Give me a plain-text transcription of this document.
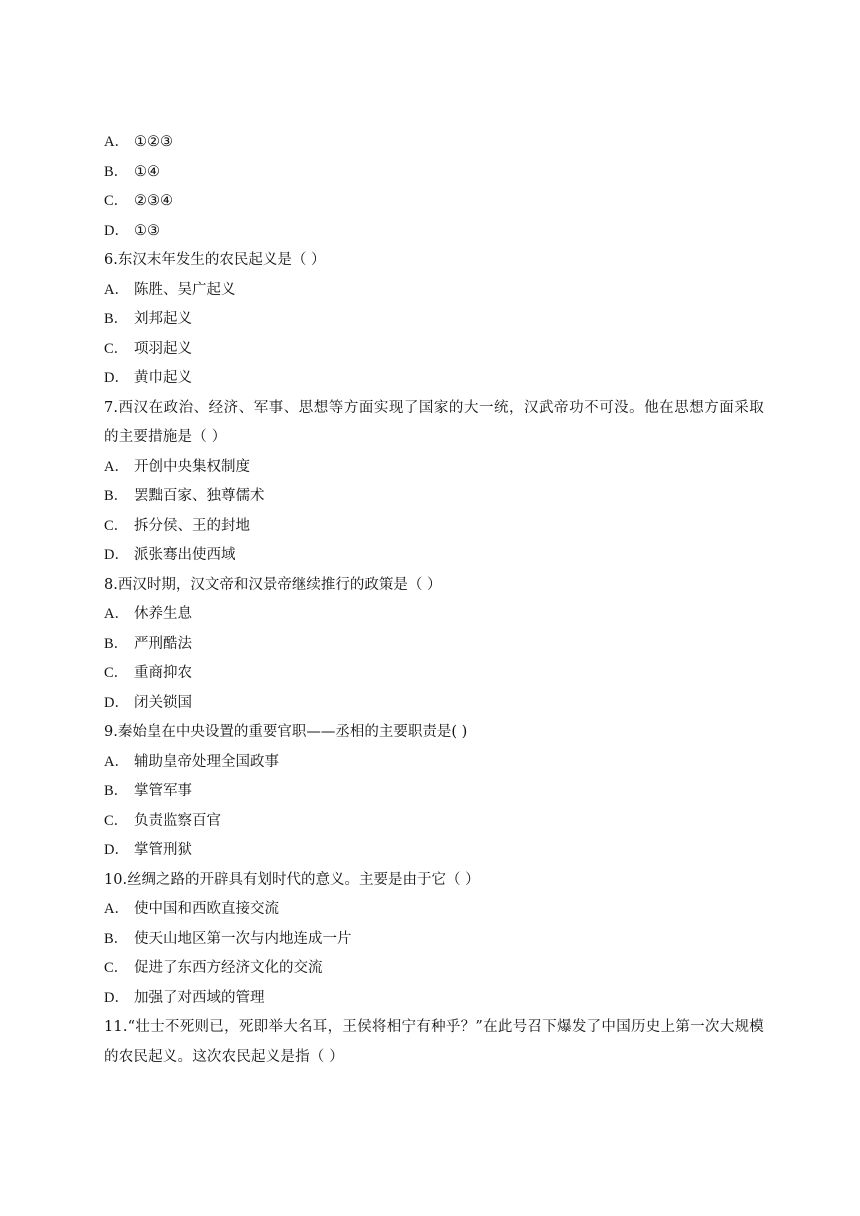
A． ①②③
B． ①④
C． ②③④
D． ①③
6.东汉末年发生的农民起义是（ ）
A． 陈胜、吴广起义
B． 刘邦起义
C． 项羽起义
D． 黄巾起义
7.西汉在政治、经济、军事、思想等方面实现了国家的大一统，汉武帝功不可没。他在思想方面采取的主要措施是（ ）
A． 开创中央集权制度
B． 罢黜百家、独尊儒术
C． 拆分侯、王的封地
D． 派张骞出使西域
8.西汉时期，汉文帝和汉景帝继续推行的政策是（ ）
A． 休养生息
B． 严刑酷法
C． 重商抑农
D． 闭关锁国
9.秦始皇在中央设置的重要官职——丞相的主要职责是( )
A． 辅助皇帝处理全国政事
B． 掌管军事
C． 负责监察百官
D． 掌管刑狱
10.丝绸之路的开辟具有划时代的意义。主要是由于它（ ）
A． 使中国和西欧直接交流
B． 使天山地区第一次与内地连成一片
C． 促进了东西方经济文化的交流
D． 加强了对西域的管理
11.“壮士不死则已，死即举大名耳，王侯将相宁有种乎？”在此号召下爆发了中国历史上第一次大规模的农民起义。这次农民起义是指（ ）
